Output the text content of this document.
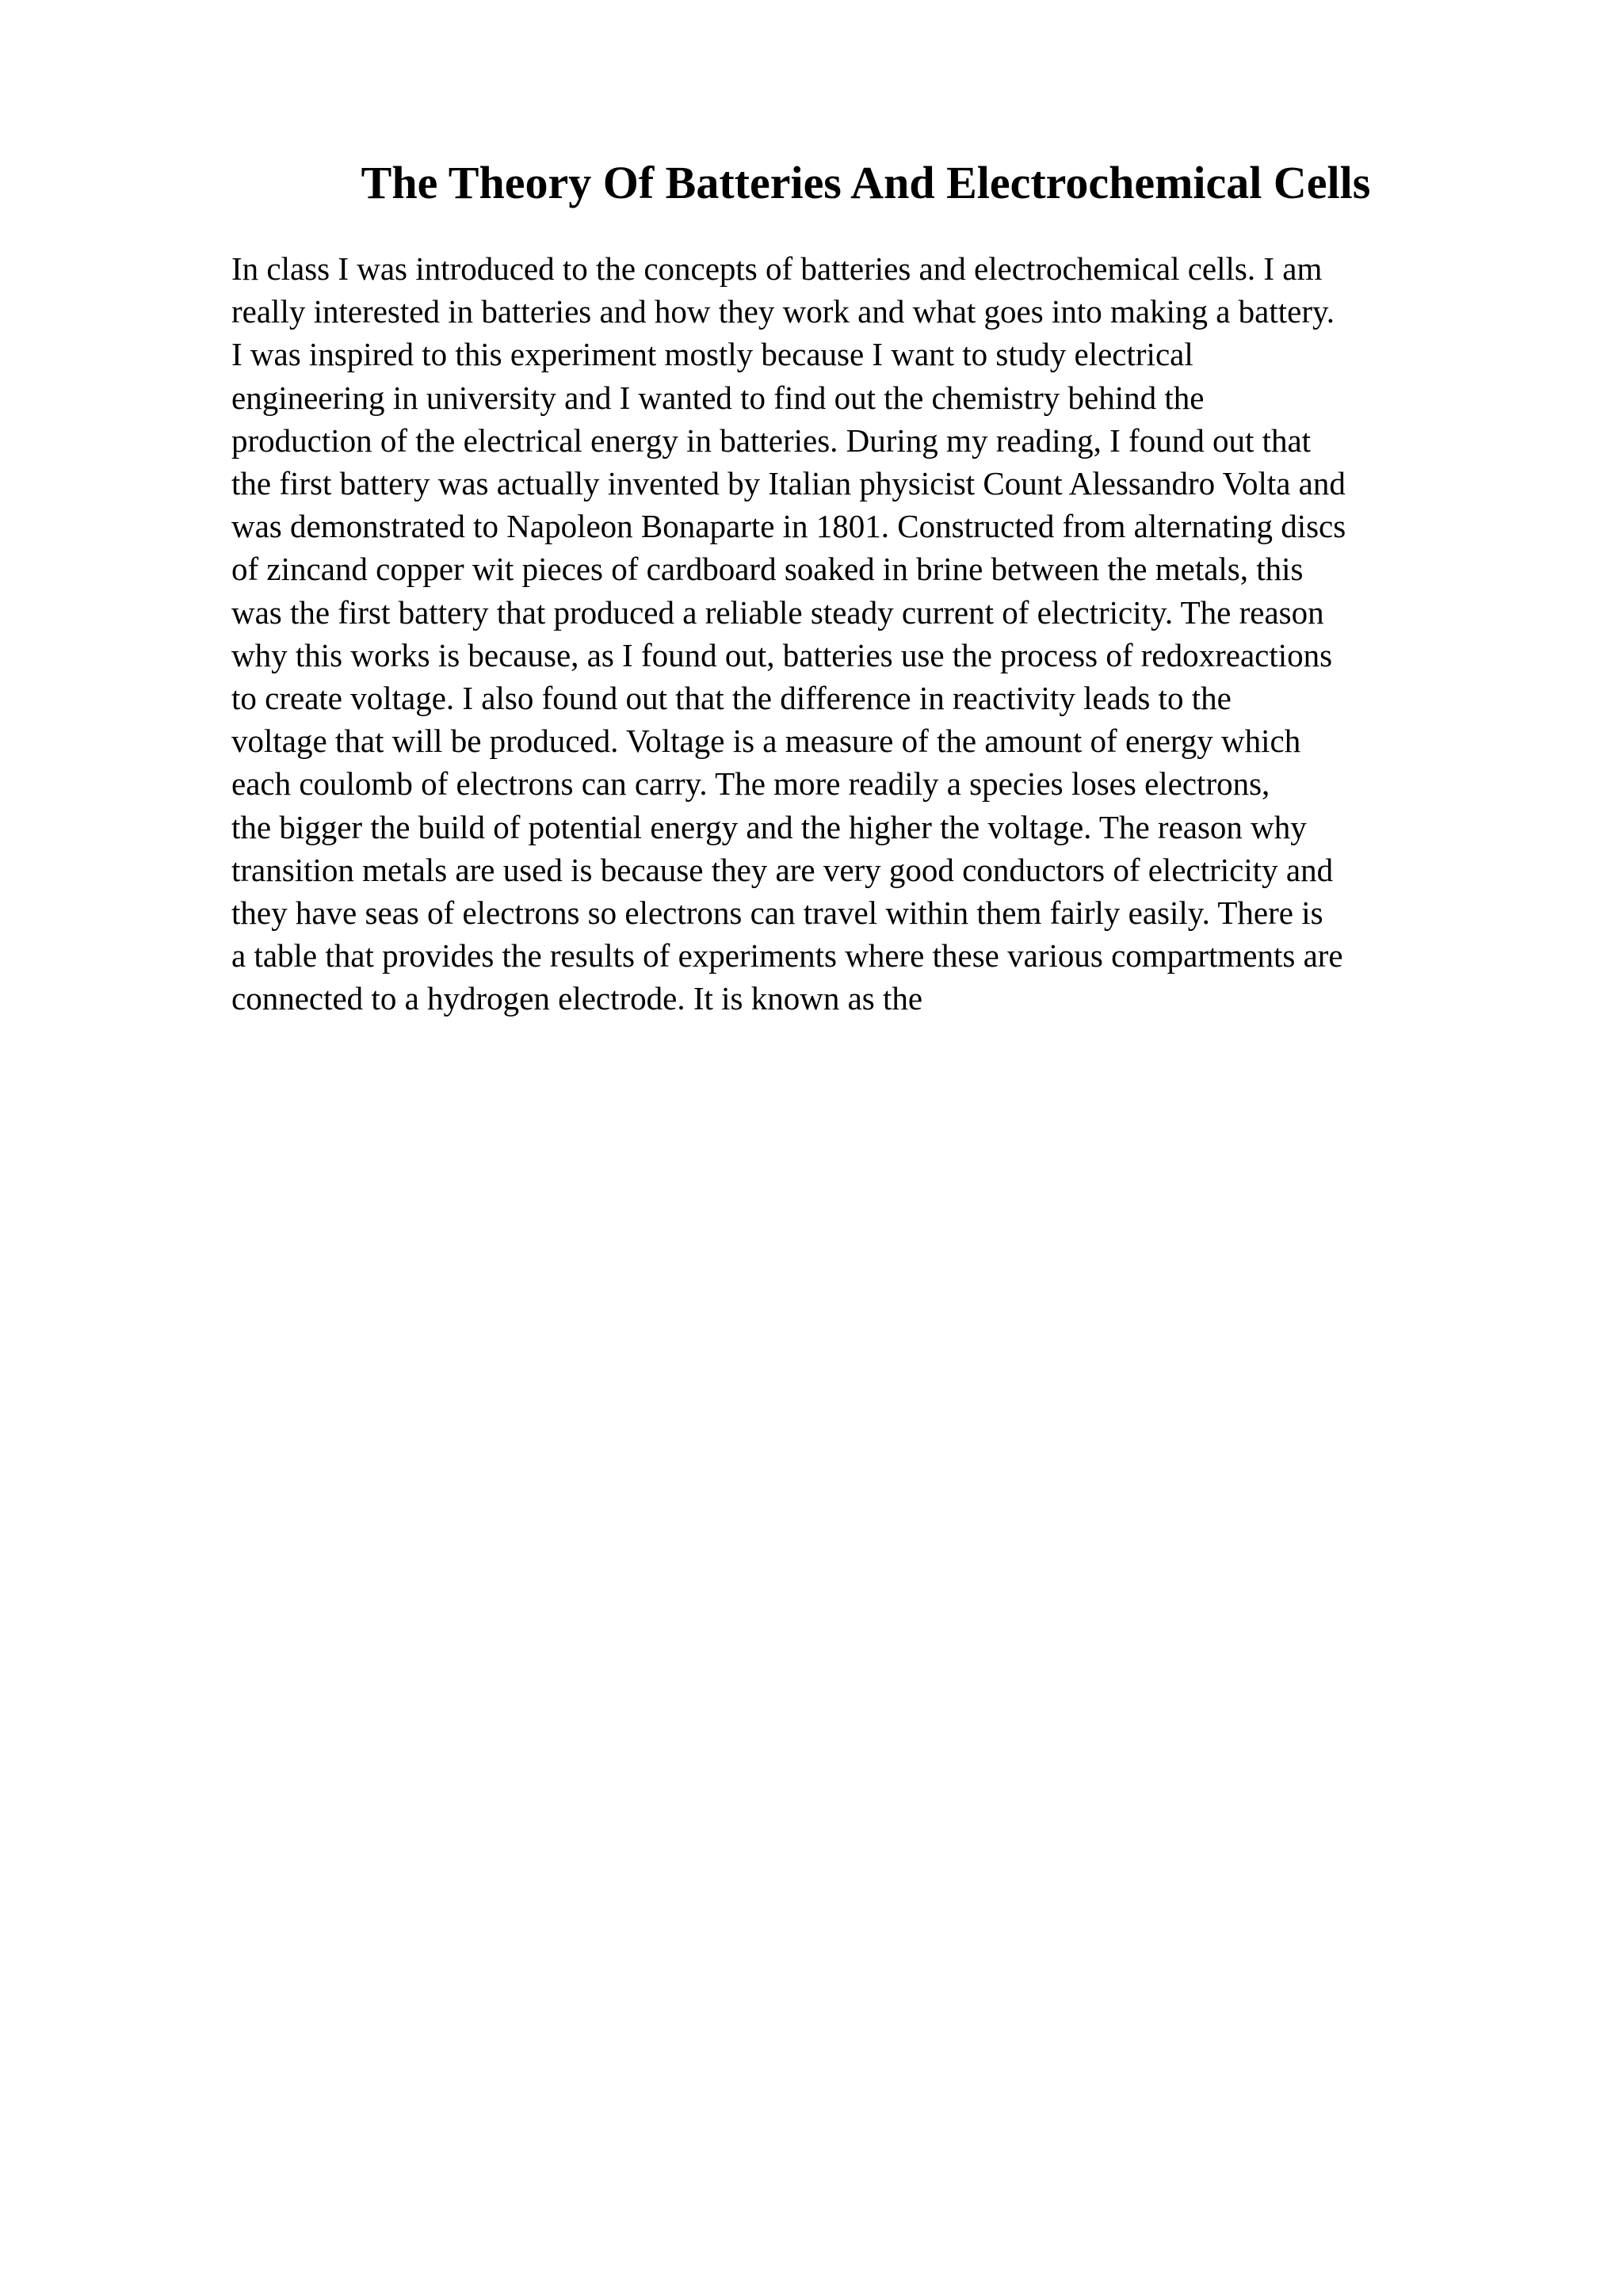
The Theory Of Batteries And Electrochemical Cells
In class I was introduced to the concepts of batteries and electrochemical cells. I am
really interested in batteries and how they work and what goes into making a battery.
I was inspired to this experiment mostly because I want to study electrical
engineering in university and I wanted to find out the chemistry behind the
production of the electrical energy in batteries. During my reading, I found out that
the first battery was actually invented by Italian physicist Count Alessandro Volta and
was demonstrated to Napoleon Bonaparte in 1801. Constructed from alternating discs
of zincand copper wit pieces of cardboard soaked in brine between the metals, this
was the first battery that produced a reliable steady current of electricity. The reason
why this works is because, as I found out, batteries use the process of redoxreactions
to create voltage. I also found out that the difference in reactivity leads to the
voltage that will be produced. Voltage is a measure of the amount of energy which
each coulomb of electrons can carry. The more readily a species loses electrons,
the bigger the build of potential energy and the higher the voltage. The reason why
transition metals are used is because they are very good conductors of electricity and
they have seas of electrons so electrons can travel within them fairly easily. There is
a table that provides the results of experiments where these various compartments are
connected to a hydrogen electrode. It is known as the
